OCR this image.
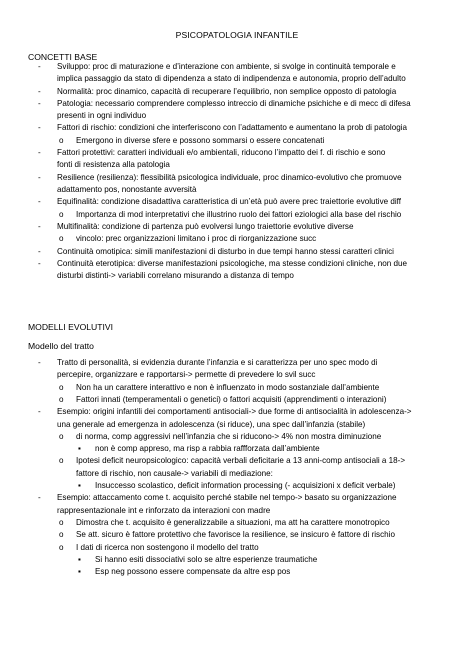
PSICOPATOLOGIA INFANTILE
CONCETTI BASE
- Sviluppo: proc di maturazione e d’interazione con ambiente, si svolge in continuità temporale e
implica passaggio da stato di dipendenza a stato di indipendenza e autonomia, proprio dell’adulto
- Normalità: proc dinamico, capacità di recuperare l’equilibrio, non semplice opposto di patologia
- Patologia: necessario comprendere complesso intreccio di dinamiche psichiche e di mecc di difesa
presenti in ogni individuo
- Fattori di rischio: condizioni che interferiscono con l’adattamento e aumentano la prob di patologia
o Emergono in diverse sfere e possono sommarsi o essere concatenati
- Fattori protettivi: caratteri individuali e/o ambientali, riducono l’impatto dei f. di rischio e sono
fonti di resistenza alla patologia
- Resilience (resilienza): flessibilità psicologica individuale, proc dinamico-evolutivo che promuove
adattamento pos, nonostante avversità
- Equifinalità: condizione disadattiva caratteristica di un’età può avere prec traiettorie evolutive diff
o Importanza di mod interpretativi che illustrino ruolo dei fattori eziologici alla base del rischio
- Multifinalità: condizione di partenza può evolversi lungo traiettorie evolutive diverse
o vincolo: prec organizzazioni limitano i proc di riorganizzazione succ
- Continuità omotipica: simili manifestazioni di disturbo in due tempi hanno stessi caratteri clinici
- Continuità eterotipica: diverse manifestazioni psicologiche, ma stesse condizioni cliniche, non due
disturbi distinti-> variabili correlano misurando a distanza di tempo
MODELLI EVOLUTIVI
Modello del tratto
- Tratto di personalità, si evidenzia durante l’infanzia e si caratterizza per uno spec modo di
percepire, organizzare e rapportarsi-> permette di prevedere lo svil succ
o Non ha un carattere interattivo e non è influenzato in modo sostanziale dall’ambiente
o Fattori innati (temperamentali o genetici) o fattori acquisiti (apprendimenti o interazioni)
- Esempio: origini infantili dei comportamenti antisociali-> due forme di antisocialità in adolescenza->
una generale ad emergenza in adolescenza (si riduce), una spec dall’infanzia (stabile)
o di norma, comp aggressivi nell’infanzia che si riducono-> 4% non mostra diminuzione
▪ non è comp appreso, ma risp a rabbia raffforzata dall’ambiente
o Ipotesi deficit neuropsicologico: capacità verbali deficitarie a 13 anni-comp antisociali a 18->
fattore di rischio, non causale-> variabili di mediazione:
▪ Insuccesso scolastico, deficit information processing (- acquisizioni x deficit verbale)
- Esempio: attaccamento come t. acquisito perché stabile nel tempo-> basato su organizzazione
rappresentazionale int e rinforzato da interazioni con madre
o Dimostra che t. acquisito è generalizzabile a situazioni, ma att ha carattere monotropico
o Se att. sicuro è fattore protettivo che favorisce la resilience, se insicuro è fattore di rischio
o I dati di ricerca non sostengono il modello del tratto
▪ Si hanno esiti dissociativi solo se altre esperienze traumatiche
▪ Esp neg possono essere compensate da altre esp pos
